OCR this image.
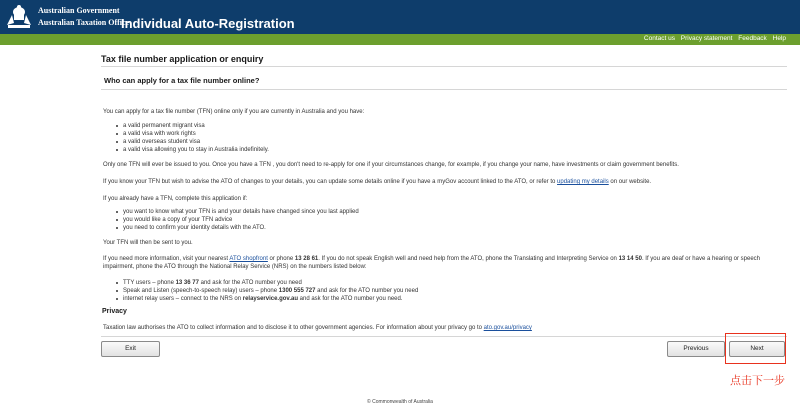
Australian Government
Australian Taxation Office
Individual Auto-Registration
Contact us Privacy statement Feedback Help
Tax file number application or enquiry
Who can apply for a tax file number online?
You can apply for a tax file number (TFN) online only if you are currently in Australia and you have:
a valid permanent migrant visa
a valid visa with work rights
a valid overseas student visa
a valid visa allowing you to stay in Australia indefinitely.
Only one TFN will ever be issued to you. Once you have a TFN , you don't need to re-apply for one if your circumstances change, for example, if you change your name, have investments or claim government benefits.
If you know your TFN but wish to advise the ATO of changes to your details, you can update some details online if you have a myGov account linked to the ATO, or refer to updating my details on our website.
If you already have a TFN, complete this application if:
you want to know what your TFN is and your details have changed since you last applied
you would like a copy of your TFN advice
you need to confirm your identity details with the ATO.
Your TFN will then be sent to you.
If you need more information, visit your nearest ATO shopfront or phone 13 28 61. If you do not speak English well and need help from the ATO, phone the Translating and Interpreting Service on 13 14 50. If you are deaf or have a hearing or speech impairment, phone the ATO through the National Relay Service (NRS) on the numbers listed below:
TTY users – phone 13 36 77 and ask for the ATO number you need
Speak and Listen (speech-to-speech relay) users – phone 1300 555 727 and ask for the ATO number you need
internet relay users – connect to the NRS on relayservice.gov.au and ask for the ATO number you need.
Privacy
Taxation law authorises the ATO to collect information and to disclose it to other government agencies. For information about your privacy go to ato.gov.au/privacy
Exit	Previous	Next
点击下一步
© Commonwealth of Australia
